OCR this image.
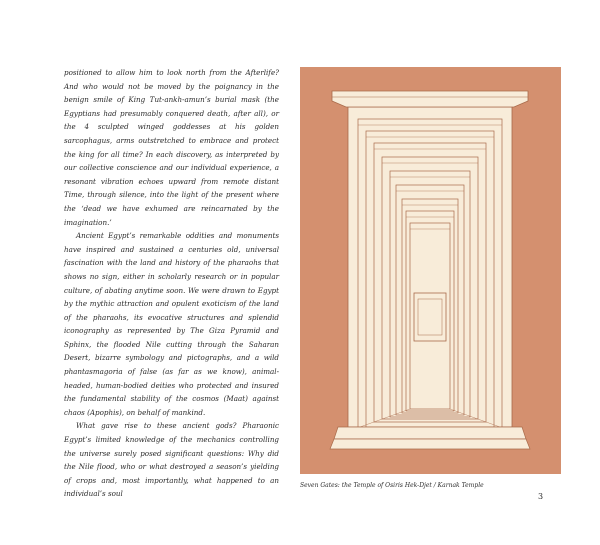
positioned to allow him to look north from the Afterlife? And who would not be moved by the poignancy in the benign smile of King Tut-ankh-amun’s burial mask (the Egyptians had presumably conquered death, after all), or the 4 sculpted winged goddesses at his golden sarcophagus, arms outstretched to embrace and protect the king for all time? In each discovery, as interpreted by our collective conscience and our individual experience, a resonant vibration echoes upward from remote distant Time, through silence, into the light of the present where the ‘dead we have exhumed are reincarnated by the imagination.’

Ancient Egypt’s remarkable oddities and monuments have inspired and sustained a centuries old, universal fascination with the land and history of the pharaohs that shows no sign, either in scholarly research or in popular culture, of abating anytime soon. We were drawn to Egypt by the mythic attraction and opulent exoticism of the land of the pharaohs, its evocative structures and splendid iconography as represented by The Giza Pyramid and Sphinx, the flooded Nile cutting through the Saharan Desert, bizarre symbology and pictographs, and a wild phantasmagoria of false (as far as we know), animal-headed, human-bodied deities who protected and insured the fundamental stability of the cosmos (Maat) against chaos (Apophis), on behalf of mankind.

What gave rise to these ancient gods? Pharaonic Egypt’s limited knowledge of the mechanics controlling the universe surely posed significant questions: Why did the Nile flood, who or what destroyed a season’s yielding of crops and, most importantly, what happened to an individual’s soul

Seven Gates: the Temple of Osiris Hek-Djet / Karnak Temple
3
